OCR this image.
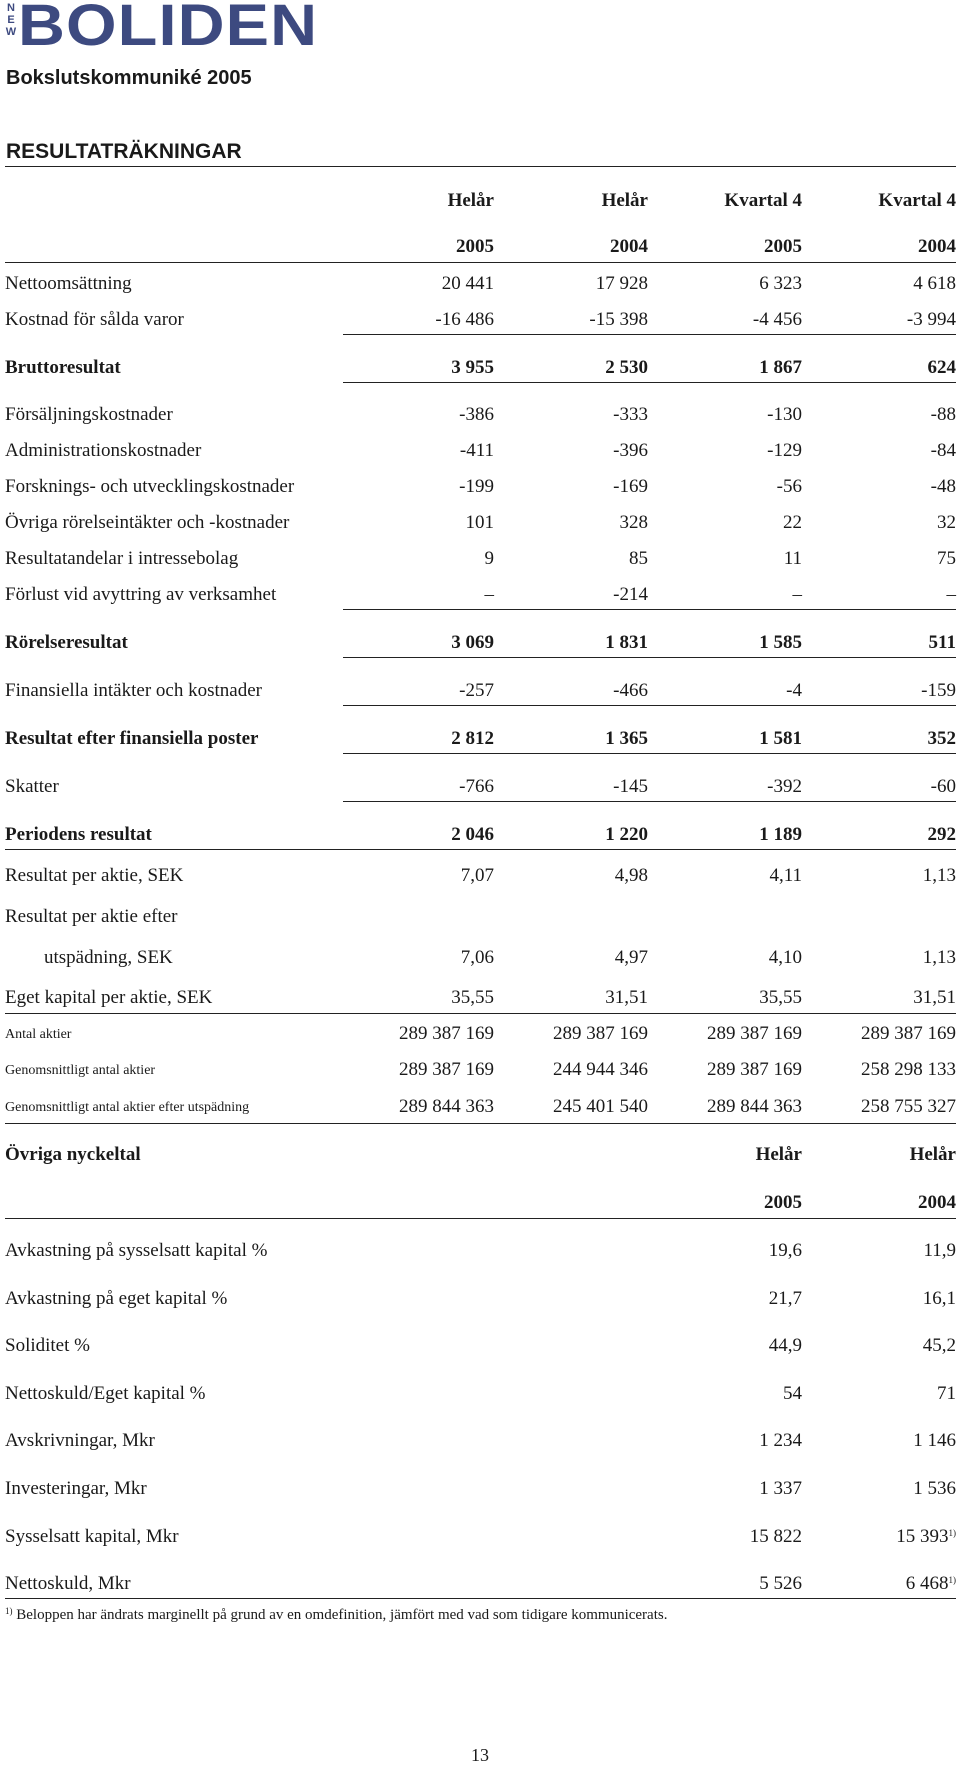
NEW BOLIDEN
Bokslutskommuniké 2005
RESULTATRÄKNINGAR
Helår	Helår	Kvartal 4	Kvartal 4
2005	2004	2005	2004
Nettoomsättning	20 441	17 928	6 323	4 618
Kostnad för sålda varor	-16 486	-15 398	-4 456	-3 994
Bruttoresultat	3 955	2 530	1 867	624
Försäljningskostnader	-386	-333	-130	-88
Administrationskostnader	-411	-396	-129	-84
Forsknings- och utvecklingskostnader	-199	-169	-56	-48
Övriga rörelseintäkter och -kostnader	101	328	22	32
Resultatandelar i intressebolag	9	85	11	75
Förlust vid avyttring av verksamhet	–	-214	–	–
Rörelseresultat	3 069	1 831	1 585	511
Finansiella intäkter och kostnader	-257	-466	-4	-159
Resultat efter finansiella poster	2 812	1 365	1 581	352
Skatter	-766	-145	-392	-60
Periodens resultat	2 046	1 220	1 189	292
Resultat per aktie, SEK	7,07	4,98	4,11	1,13
Resultat per aktie efter
utspädning, SEK	7,06	4,97	4,10	1,13
Eget kapital per aktie, SEK	35,55	31,51	35,55	31,51
Antal aktier	289 387 169	289 387 169	289 387 169	289 387 169
Genomsnittligt antal aktier	289 387 169	244 944 346	289 387 169	258 298 133
Genomsnittligt antal aktier efter utspädning	289 844 363	245 401 540	289 844 363	258 755 327
Övriga nyckeltal	Helår	Helår
2005	2004
Avkastning på sysselsatt kapital %	19,6	11,9
Avkastning på eget kapital %	21,7	16,1
Soliditet %	44,9	45,2
Nettoskuld/Eget kapital %	54	71
Avskrivningar, Mkr	1 234	1 146
Investeringar, Mkr	1 337	1 536
Sysselsatt kapital, Mkr	15 822	15 393$^{1)}$
Nettoskuld, Mkr	5 526	6 468$^{1)}$
$^{1)}$ Beloppen har ändrats marginellt på grund av en omdefinition, jämfört med vad som tidigare kommunicerats.
13
